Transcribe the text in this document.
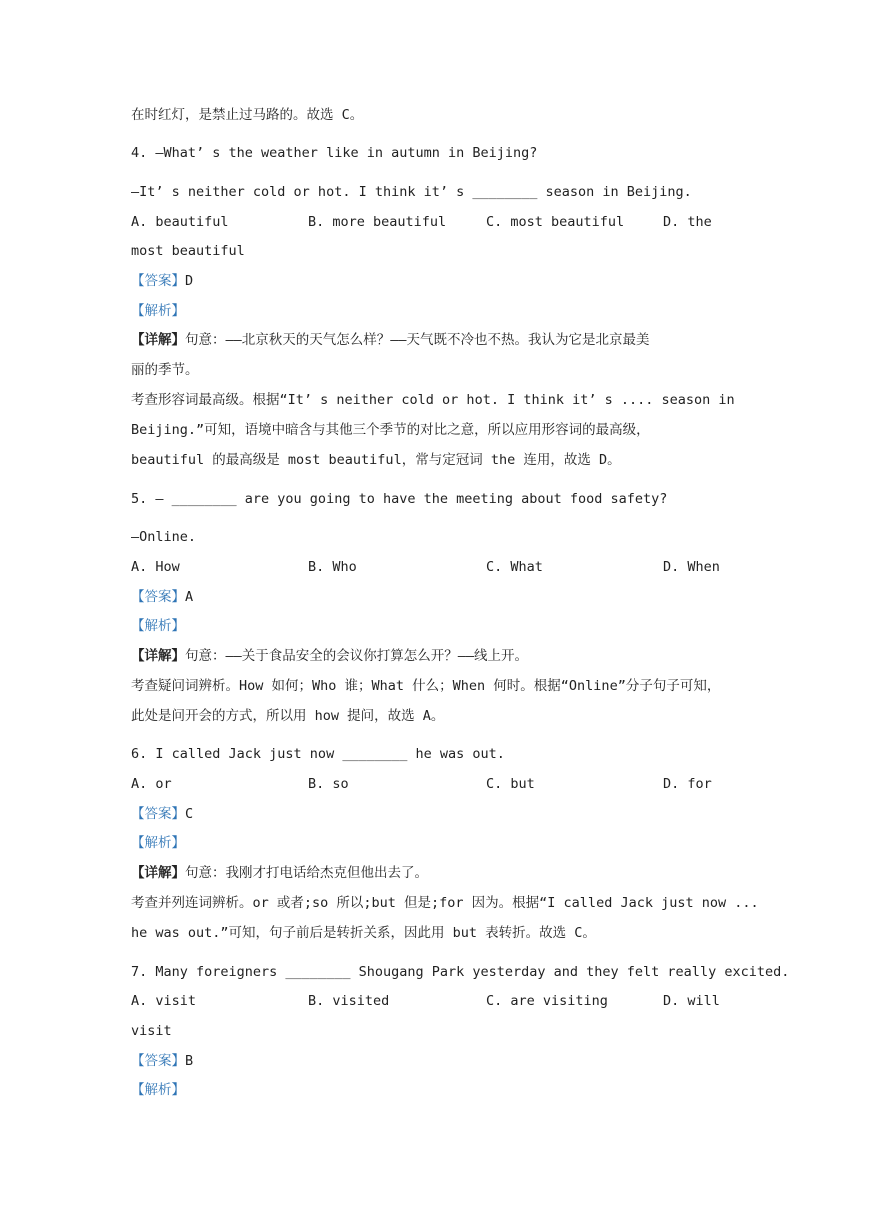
在时红灯，是禁止过马路的。故选 C。
4. —What’ s the weather like in autumn in Beijing?
—It’ s neither cold or hot. I think it’ s ________ season in Beijing.

A. beautiful

	B. more beautiful

	C. most beautiful

	D. the

most beautiful
【答案】D
【解析】
【详解】句意：——北京秋天的天气怎么样？——天气既不冷也不热。我认为它是北京最美
丽的季节。
考查形容词最高级。根据“It’ s neither cold or hot. I think it’ s .... season in
Beijing.”可知，语境中暗含与其他三个季节的对比之意，所以应用形容词的最高级，
beautiful 的最高级是 most beautiful，常与定冠词 the 连用，故选 D。
5. — ________ are you going to have the meeting about food safety?
—Online.

A. How

	B. Who

	C. What

	D. When

【答案】A
【解析】
【详解】句意：——关于食品安全的会议你打算怎么开？——线上开。
考查疑问词辨析。How 如何；Who 谁；What 什么；When 何时。根据“Online”分子句子可知，
此处是问开会的方式，所以用 how 提问，故选 A。
6. I called Jack just now ________ he was out.

A. or

	B. so

	C. but

	D. for

【答案】C
【解析】
【详解】句意：我刚才打电话给杰克但他出去了。
考查并列连词辨析。or 或者;so 所以;but 但是;for 因为。根据“I called Jack just now ...
he was out.”可知，句子前后是转折关系，因此用 but 表转折。故选 C。
7. Many foreigners ________ Shougang Park yesterday and they felt really excited.

A. visit

	B. visited

	C. are visiting

	D. will

visit
【答案】B
【解析】
